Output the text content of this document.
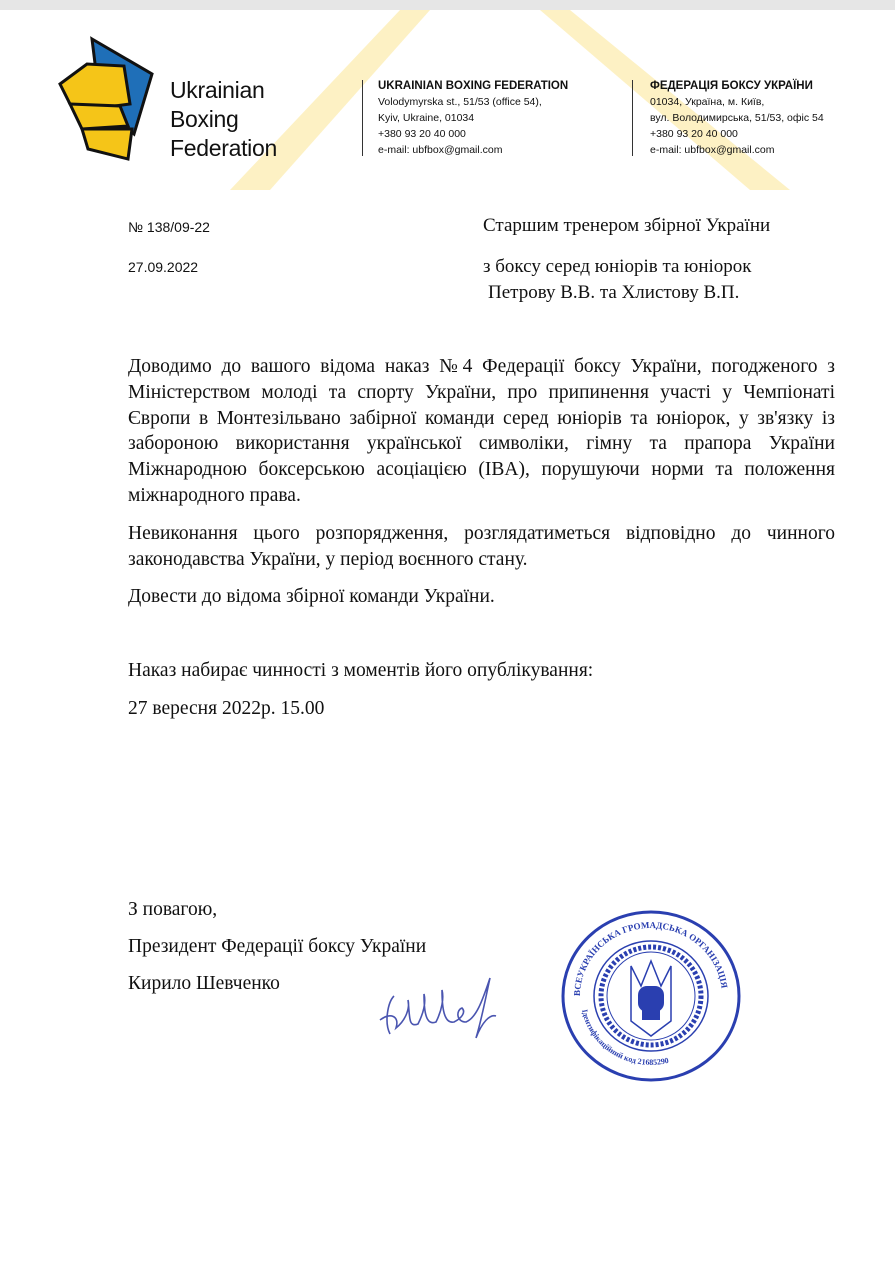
Ukrainian
Boxing
Federation
UKRAINIAN BOXING FEDERATION
Volodymyrska st., 51/53 (office 54),
Kyiv, Ukraine, 01034
+380 93 20 40 000
e-mail: ubfbox@gmail.com
ФЕДЕРАЦІЯ БОКСУ УКРАЇНИ
01034, Україна, м. Київ,
вул. Володимирська, 51/53, офіс 54
+380 93 20 40 000
e-mail: ubfbox@gmail.com
№ 138/09-22
27.09.2022
Старшим тренером збірної України
з боксу серед юніорів та юніорок
Петрову В.В. та Хлистову В.П.
Доводимо до вашого відома наказ №4 Федерації боксу України, погодженого з Міністерством молоді та спорту України, про припинення участі у Чемпіонаті Європи в Монтезільвано забірної команди серед юніорів та юніорок, у зв'язку із забороною використання української символіки, гімну та прапора України Міжнародною боксерською асоціацією (IBA), порушуючи норми та положення міжнародного права.
Невиконання цього розпорядження, розглядатиметься відповідно до чинного законодавства України, у період воєнного стану.
Довести до відома збірної команди України.
Наказ набирає чинності з моментів його опублікування:
27 вересня 2022р. 15.00
З повагою,
Президент Федерації боксу України
Кирило Шевченко	ВСЕУКРАЇНСЬКА ГРОМАДСЬКА ОРГАНІЗАЦІЯ
Ідентифікаційний код 21685290
